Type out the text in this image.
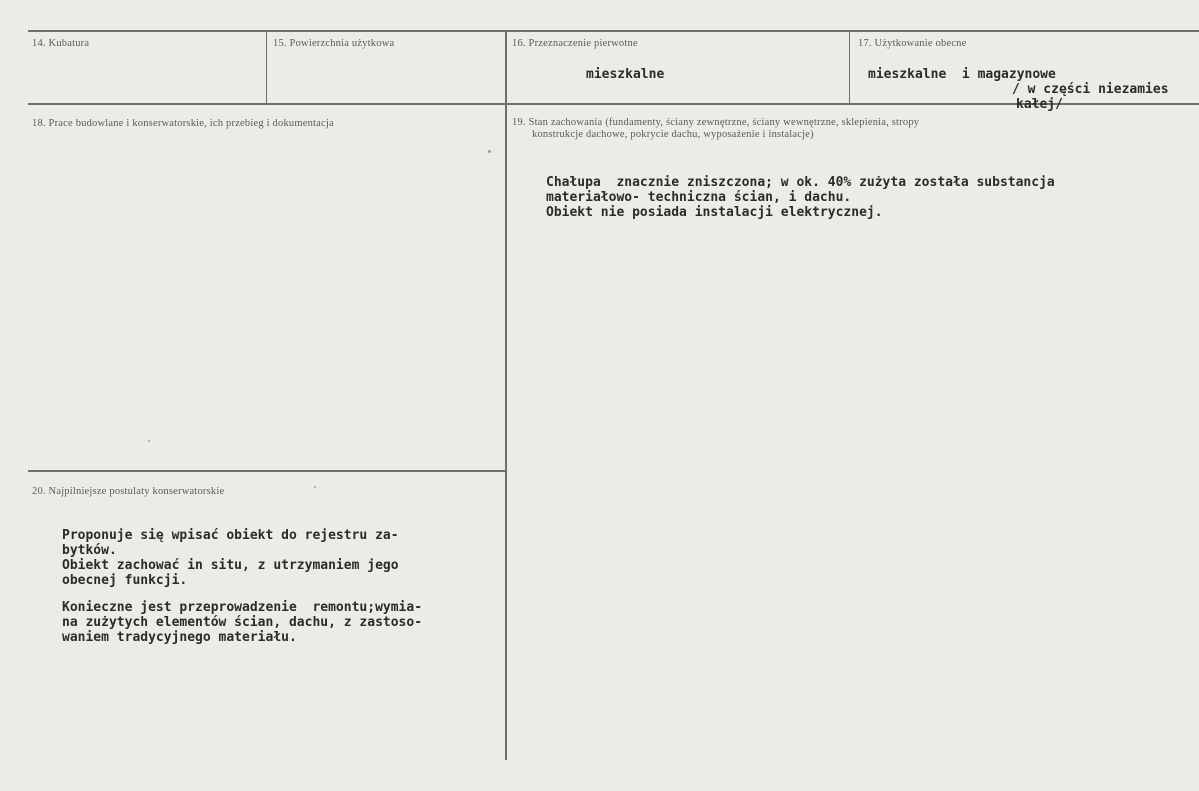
14. Kubatura	15. Powierzchnia użytkowa	16. Przeznaczenie pierwotne
mieszkalne
17. Użytkowanie obecne
mieszkalne  i magazynowe
/ w części niezamies
kałej/
18. Prace budowlane i konserwatorskie, ich przebieg i dokumentacja	19. Stan zachowania (fundamenty, ściany zewnętrzne, ściany wewnętrzne, sklepienia, stropy
konstrukcje dachowe, pokrycie dachu, wyposażenie i instalacje)
Chałupa  znacznie zniszczona; w ok. 40% zużyta została substancja
materiałowo- techniczna ścian, i dachu.
Obiekt nie posiada instalacji elektrycznej.
20. Najpilniejsze postulaty konserwatorskie
Proponuje się wpisać obiekt do rejestru za-
bytków.
Obiekt zachować in situ, z utrzymaniem jego
obecnej funkcji.
Konieczne jest przeprowadzenie  remontu;wymia-
na zużytych elementów ścian, dachu, z zastoso-
waniem tradycyjnego materiału.
